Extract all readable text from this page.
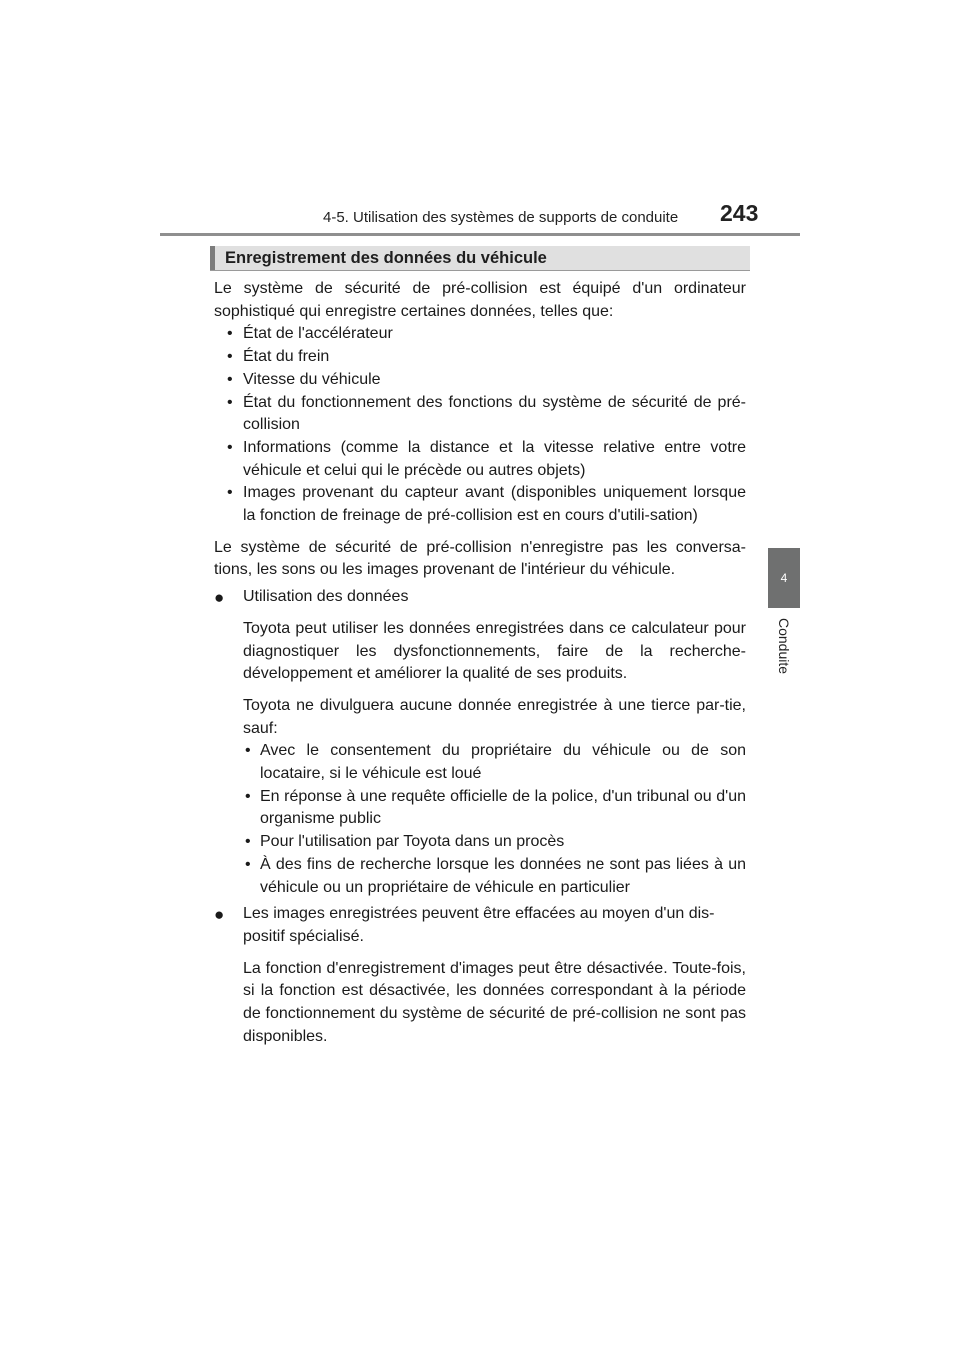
4-5. Utilisation des systèmes de supports de conduite 243
4
Conduite
Enregistrement des données du véhicule

Le système de sécurité de pré-collision est équipé d'un ordinateur sophistiqué qui enregistre certaines données, telles que:

• État de l'accélérateur
• État du frein
• Vitesse du véhicule
• État du fonctionnement des fonctions du système de sécurité de pré-collision
• Informations (comme la distance et la vitesse relative entre votre véhicule et celui qui le précède ou autres objets)
• Images provenant du capteur avant (disponibles uniquement lorsque la fonction de freinage de pré-collision est en cours d'utili-sation)

Le système de sécurité de pré-collision n'enregistre pas les conversa-tions, les sons ou les images provenant de l'intérieur du véhicule.

● Utilisation des données

Toyota peut utiliser les données enregistrées dans ce calculateur pour diagnostiquer les dysfonctionnements, faire de la recherche-développement et améliorer la qualité de ses produits.

Toyota ne divulguera aucune donnée enregistrée à une tierce par-tie, sauf:

• Avec le consentement du propriétaire du véhicule ou de son locataire, si le véhicule est loué
• En réponse à une requête officielle de la police, d'un tribunal ou d'un organisme public
• Pour l'utilisation par Toyota dans un procès
• À des fins de recherche lorsque les données ne sont pas liées à un véhicule ou un propriétaire de véhicule en particulier
● Les images enregistrées peuvent être effacées au moyen d'un dis-positif spécialisé.

La fonction d'enregistrement d'images peut être désactivée. Toute-fois, si la fonction est désactivée, les données correspondant à la période de fonctionnement du système de sécurité de pré-collision ne sont pas disponibles.
